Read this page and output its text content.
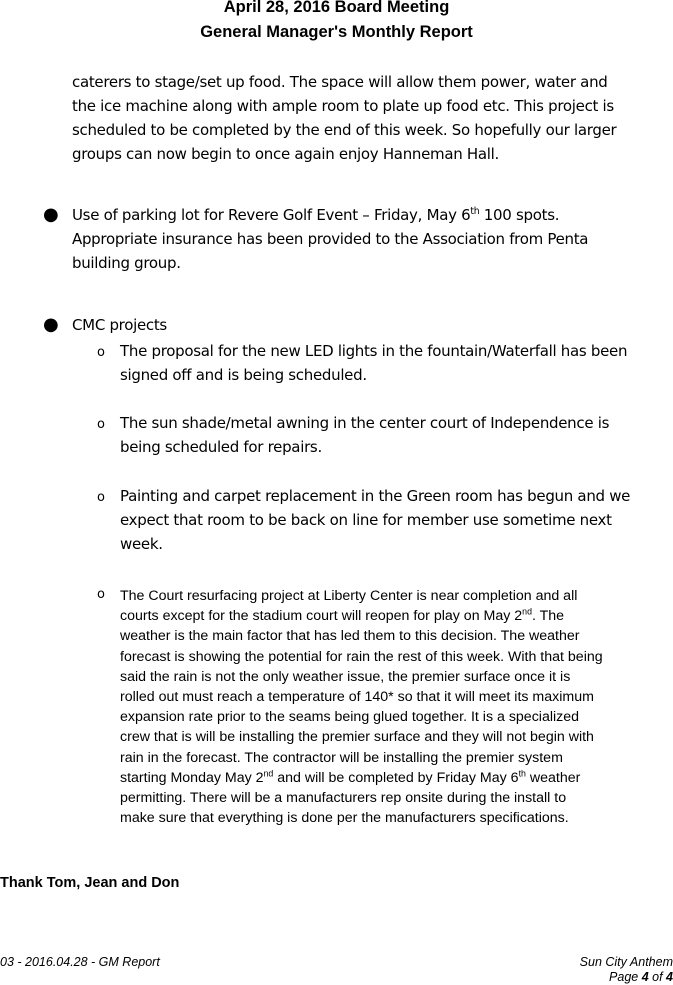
April 28, 2016 Board Meeting
General Manager's Monthly Report
caterers to stage/set up food. The space will allow them power, water and
the ice machine along with ample room to plate up food etc. This project is
scheduled to be completed by the end of this week. So hopefully our larger
groups can now begin to once again enjoy Hanneman Hall.
● Use of parking lot for Revere Golf Event – Friday, May 6th 100 spots.
Appropriate insurance has been provided to the Association from Penta
building group.
● CMC projects
o The proposal for the new LED lights in the fountain/Waterfall has been
signed off and is being scheduled.
o The sun shade/metal awning in the center court of Independence is
being scheduled for repairs.
o Painting and carpet replacement in the Green room has begun and we
expect that room to be back on line for member use sometime next
week.
o The Court resurfacing project at Liberty Center is near completion and all
courts except for the stadium court will reopen for play on May 2nd. The
weather is the main factor that has led them to this decision. The weather
forecast is showing the potential for rain the rest of this week. With that being
said the rain is not the only weather issue, the premier surface once it is
rolled out must reach a temperature of 140* so that it will meet its maximum
expansion rate prior to the seams being glued together. It is a specialized
crew that is will be installing the premier surface and they will not begin with
rain in the forecast. The contractor will be installing the premier system
starting Monday May 2nd and will be completed by Friday May 6th weather
permitting. There will be a manufacturers rep onsite during the install to
make sure that everything is done per the manufacturers specifications.
Thank Tom, Jean and Don
03 - 2016.04.28 - GM Report	Sun City Anthem
Page 4 of 4
